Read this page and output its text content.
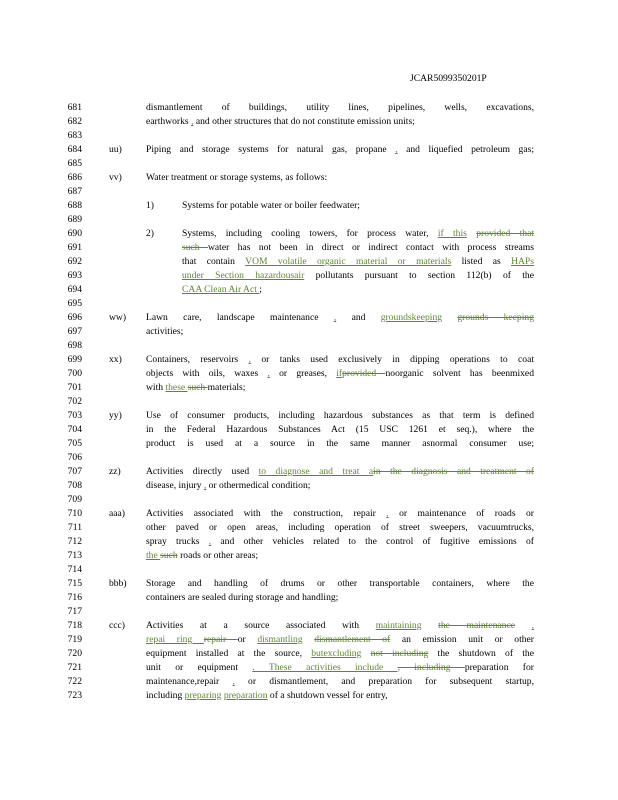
JCAR5099350201P
681	dismantlement of buildings, utility lines, pipelines, wells, excavations,
682	earthworks , and other structures that do not constitute emission units;
683
684	uu)	Piping and storage systems for natural gas, propane , and liquefied petroleum gas;
685
686	vv)	Water treatment or storage systems, as follows:
687
688	1)	Systems for potable water or boiler feedwater;
689
690	2)	Systems, including cooling towers, for process water, if this provided that
691	such water has not been in direct or indirect contact with process streams
692	that contain VOM volatile organic material or materials listed as HAPs
693	under Section hazardousair pollutants pursuant to section 112(b) of the
694	CAA Clean Air Act ;
695
696	ww) Lawn care, landscape maintenance , and groundskeeping grounds keeping
697	activities;
698
699	xx)	Containers, reservoirs , or tanks used exclusively in dipping operations to coat
700	objects with oils, waxes , or greases, ifprovided noorganic solvent has beenmixed
701	with these such materials;
702
703	yy)	Use of consumer products, including hazardous substances as that term is defined
704	in the Federal Hazardous Substances Act (15 USC 1261 et seq.), where the
705	product is used at a source in the same manner asnormal consumer use;
706
707	zz)	Activities directly used to diagnose and treat ain the diagnosis and treatment of
708	disease, injury , or othermedical condition;
709
710	aaa) Activities associated with the construction, repair , or maintenance of roads or
711	other paved or open areas, including operation of street sweepers, vacuumtrucks,
712	spray trucks , and other vehicles related to the control of fugitive emissions of
713	the such roads or other areas;
714
715	bbb) Storage and handling of drums or other transportable containers, where the
716	containers are sealed during storage and handling;
717
718	ccc) Activities at a source associated with maintaining the maintenance ,
719	repai ring repair or dismantling dismantlement of an emission unit or other
720	equipment installed at the source, butexcluding not including the shutdown of the
721	unit or equipment . These activities include , including preparation for
722	maintenance,repair , or dismantlement, and preparation for subsequent startup,
723	including preparing preparation of a shutdown vessel for entry,
